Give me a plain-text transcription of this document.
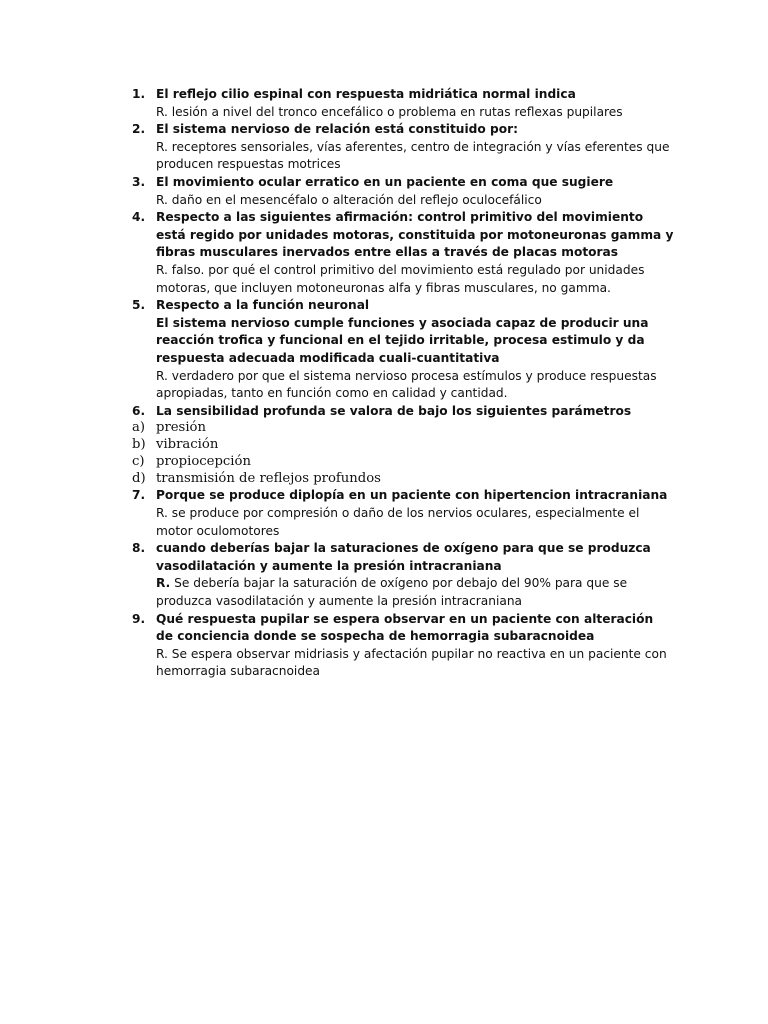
1. El reflejo cilio espinal con respuesta midriática normal indica

R. lesión a nivel del tronco encefálico o problema en rutas reflexas pupilares

2. El sistema nervioso de relación está constituido por:

R. receptores sensoriales, vías aferentes, centro de integración y vías eferentes que producen respuestas motrices

3. El movimiento ocular erratico en un paciente en coma que sugiere

R. daño en el mesencéfalo o alteración del reflejo oculocefálico

4. Respecto a las siguientes afirmación: control primitivo del movimiento está regido por unidades motoras, constituida por motoneuronas gamma y fibras musculares inervados entre ellas a través de placas motoras

R. falso. por qué el control primitivo del movimiento está regulado por unidades motoras, que incluyen motoneuronas alfa y fibras musculares, no gamma.

5. Respecto a la función neuronal

El sistema nervioso cumple funciones y asociada capaz de producir una reacción trofica y funcional en el tejido irritable, procesa estimulo y da respuesta adecuada modificada cuali-cuantitativa

R. verdadero por que el sistema nervioso procesa estímulos y produce respuestas apropiadas, tanto en función como en calidad y cantidad.

6. La sensibilidad profunda se valora de bajo los siguientes parámetros

a) presión
b) vibración
c) propiocepción
d) transmisión de reflejos profundos
7. Porque se produce diplopía en un paciente con hipertencion intracraniana

R. se produce por compresión o daño de los nervios oculares, especialmente el motor oculomotores

8. cuando deberías bajar la saturaciones de oxígeno para que se produzca vasodilatación y aumente la presión intracraniana

R. Se debería bajar la saturación de oxígeno por debajo del 90% para que se produzca vasodilatación y aumente la presión intracraniana

9. Qué respuesta pupilar se espera observar en un paciente con alteración de conciencia donde se sospecha de hemorragia subaracnoidea

R. Se espera observar midriasis y afectación pupilar no reactiva en un paciente con hemorragia subaracnoidea
